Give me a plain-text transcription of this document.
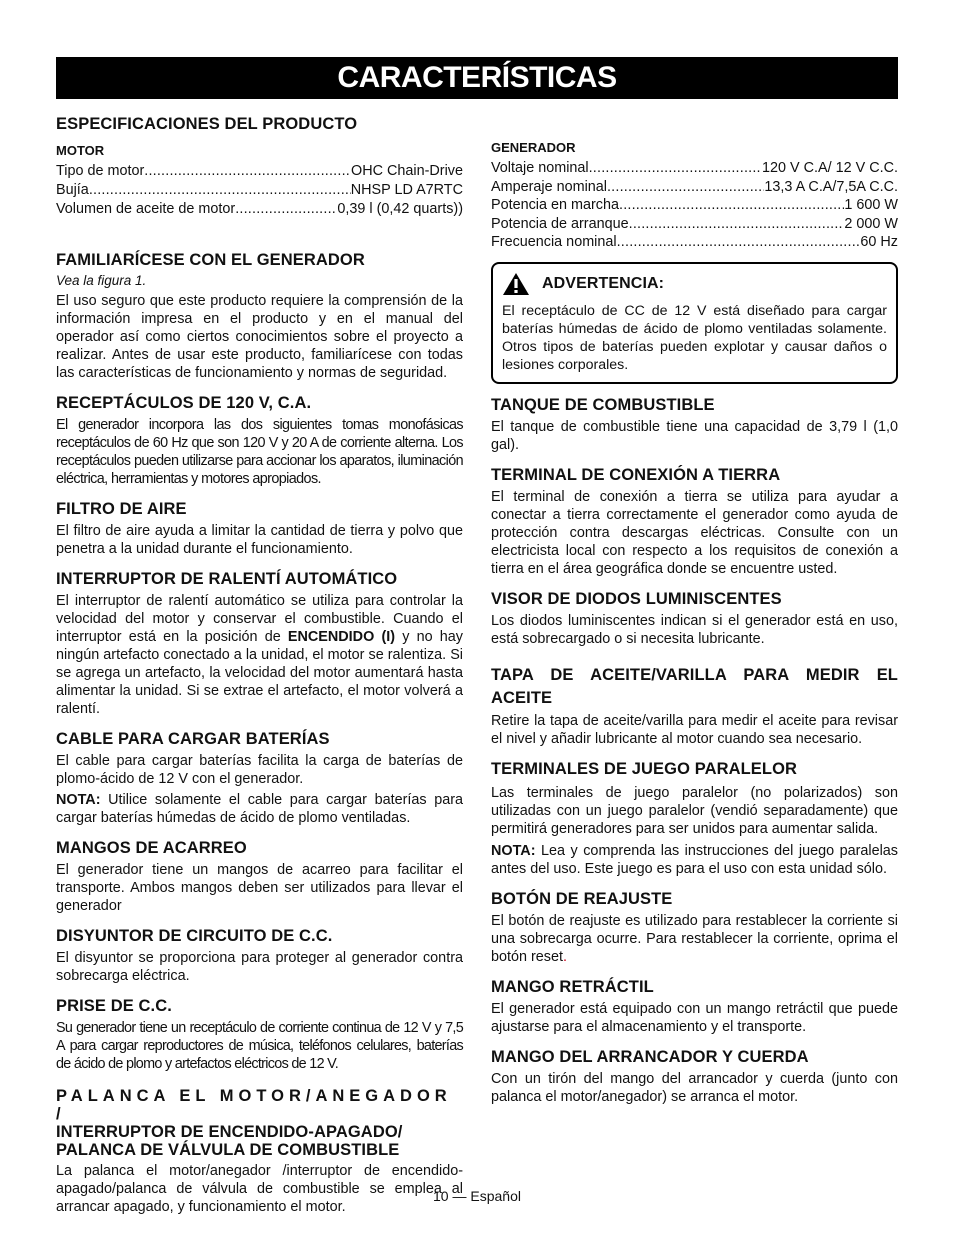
CARACTERÍSTICAS
ESPECIFICACIONES DEL PRODUCTO
MOTOR
Tipo de motor .....	OHC Chain-Drive
Bujía .....	NHSP LD A7RTC
Volumen de aceite de motor .....	0,39 l (0,42 quarts))
FAMILIARÍCESE CON EL GENERADOR

Vea la figura 1.

El uso seguro que este producto requiere la comprensión de la información impresa en el producto y en el manual del operador así como ciertos conocimientos sobre el proyecto a realizar. Antes de usar este producto, familiarícese con todas las características de funcionamiento y normas de seguridad.

RECEPTÁCULOS DE 120 V, C.A.

El generador incorpora las dos siguientes tomas monofásicas receptáculos de 60 Hz que son 120 V y 20 A de corriente alterna. Los receptáculos pueden utilizarse para accionar los aparatos, iluminación eléctrica, herramientas y motores apropiados.

FILTRO DE AIRE

El filtro de aire ayuda a limitar la cantidad de tierra y polvo que penetra a la unidad durante el funcionamiento.

INTERRUPTOR DE RALENTÍ AUTOMÁTICO

El interruptor de ralentí automático se utiliza para controlar la velocidad del motor y conservar el combustible. Cuando el interruptor está en la posición de ENCENDIDO (I) y no hay ningún artefacto conectado a la unidad, el motor se ralentiza. Si se agrega un artefacto, la velocidad del motor aumentará hasta alimentar la unidad. Si se extrae el artefacto, el motor volverá a ralentí.

CABLE PARA CARGAR BATERÍAS

El cable para cargar baterías facilita la carga de baterías de plomo-ácido de 12 V con el generador.

NOTA: Utilice solamente el cable para cargar baterías para cargar baterías húmedas de ácido de plomo ventiladas.

MANGOS DE ACARREO

El generador tiene un mangos de acarreo para facilitar el transporte. Ambos mangos deben ser utilizados para llevar el generador

DISYUNTOR DE CIRCUITO DE C.C.

El disyuntor se proporciona para proteger al generador contra sobrecarga eléctrica.

PRISE DE C.C.

Su generador tiene un receptáculo de corriente continua de 12 V y 7,5 A para cargar reproductores de música, teléfonos celulares, baterías de ácido de plomo y artefactos eléctricos de 12 V.

PALANCA EL MOTOR/ANEGADOR /
INTERRUPTOR DE ENCENDIDO-APAGADO/
PALANCA DE VÁLVULA DE COMBUSTIBLE

La palanca el motor/anegador /interruptor de encendido-apagado/palanca de válvula de combustible se emplea al arrancar apagado, y funcionamiento el motor.

GENERADOR
Voltaje nominal .....	120 V C.A/ 12 V C.C.
Amperaje nominal .....	13,3 A C.A/7,5A C.C.
Potencia en marcha .....	1 600 W
Potencia de arranque .....	2 000 W
Frecuencia nominal .....	60 Hz
ADVERTENCIA:

El receptáculo de CC de 12 V está diseñado para cargar baterías húmedas de ácido de plomo ventiladas solamente. Otros tipos de baterías pueden explotar y causar daños o lesiones corporales.

TANQUE DE COMBUSTIBLE

El tanque de combustible tiene una capacidad de 3,79 l (1,0 gal).

TERMINAL DE CONEXIÓN A TIERRA

El terminal de conexión a tierra se utiliza para ayudar a conectar a tierra correctamente el generador como ayuda de protección contra descargas eléctricas. Consulte con un electricista local con respecto a los requisitos de conexión a tierra en el área geográfica donde se encuentre usted.

VISOR DE DIODOS LUMINISCENTES

Los diodos luminiscentes indican si el generador está en uso, está sobrecargado o si necesita lubricante.

TAPA DE ACEITE/VARILLA PARA MEDIR EL ACEITE

Retire la tapa de aceite/varilla para medir el aceite para revisar el nivel y añadir lubricante al motor cuando sea necesario.

TERMINALES DE JUEGO PARALELOR

Las terminales de juego paralelor (no polarizados) son utilizadas con un juego paralelor (vendió separadamente) que permitirá generadores para ser unidos para aumentar salida.

NOTA: Lea y comprenda las instrucciones del juego paralelas antes del uso. Este juego es para el uso con esta unidad sólo.

BOTÓN DE REAJUSTE

El botón de reajuste es utilizado para restablecer la corriente si una sobrecarga ocurre. Para restablecer la corriente, oprima el botón reset.

MANGO RETRÁCTIL

El generador está equipado con un mango retráctil que puede ajustarse para el almacenamiento y el transporte.

MANGO DEL ARRANCADOR Y CUERDA

Con un tirón del mango del arrancador y cuerda (junto con palanca el motor/anegador) se arranca el motor.

10 — Español
